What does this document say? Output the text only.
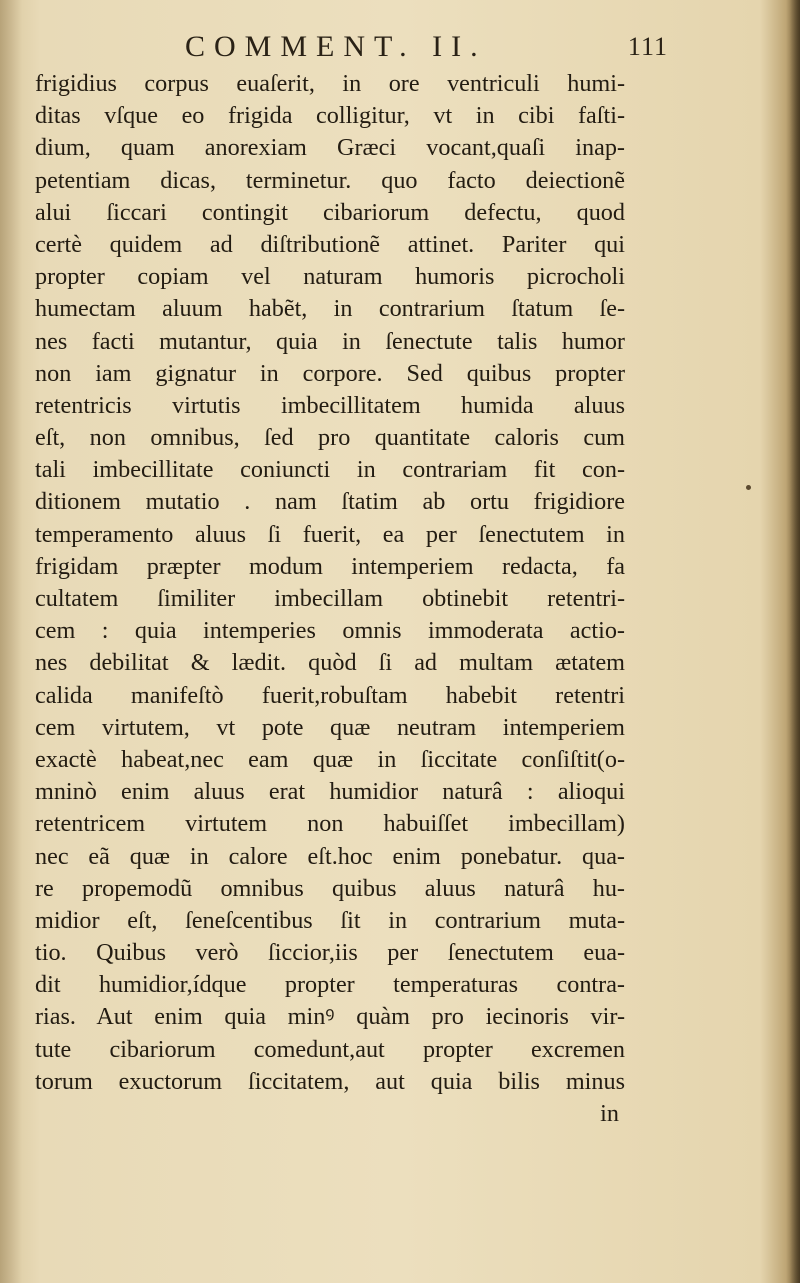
COMMENT. II.	111
frigidius corpus euaſerit, in ore ventriculi humi-
ditas vſque eo frigida colligitur, vt in cibi faſti-
dium, quam anorexiam Græci vocant,quaſi inap-
petentiam dicas, terminetur. quo facto deiectionẽ
alui ſiccari contingit cibariorum defectu, quod
certè quidem ad diſtributionẽ attinet. Pariter qui
propter copiam vel naturam humoris picrocholi
humectam aluum habẽt, in contrarium ſtatum ſe-
nes facti mutantur, quia in ſenectute talis humor
non iam gignatur in corpore. Sed quibus propter
retentricis virtutis imbecillitatem humida aluus
eſt, non omnibus, ſed pro quantitate caloris cum
tali imbecillitate coniuncti in contrariam fit con-
ditionem mutatio . nam ſtatim ab ortu frigidiore
temperamento aluus ſi fuerit, ea per ſenectutem in
frigidam præpter modum intemperiem redacta, fa
cultatem ſimiliter imbecillam obtinebit retentri-
cem : quia intemperies omnis immoderata actio-
nes debilitat & lædit. quòd ſi ad multam ætatem
calida manifeſtò fuerit,robuſtam habebit retentri
cem virtutem, vt pote quæ neutram intemperiem
exactè habeat,nec eam quæ in ſiccitate conſiſtit(o-
mninò enim aluus erat humidior naturâ : alioqui
retentricem virtutem non habuiſſet imbecillam)
nec eã quæ in calore eſt.hoc enim ponebatur. qua-
re propemodũ omnibus quibus aluus naturâ hu-
midior eſt, ſeneſcentibus ſit in contrarium muta-
tio. Quibus verò ſiccior,iis per ſenectutem eua-
dit humidior,ídque propter temperaturas contra-
rias. Aut enim quia minꝰ quàm pro iecinoris vir-
tute cibariorum comedunt,aut propter excremen
torum exuctorum ſiccitatem, aut quia bilis minus
in
